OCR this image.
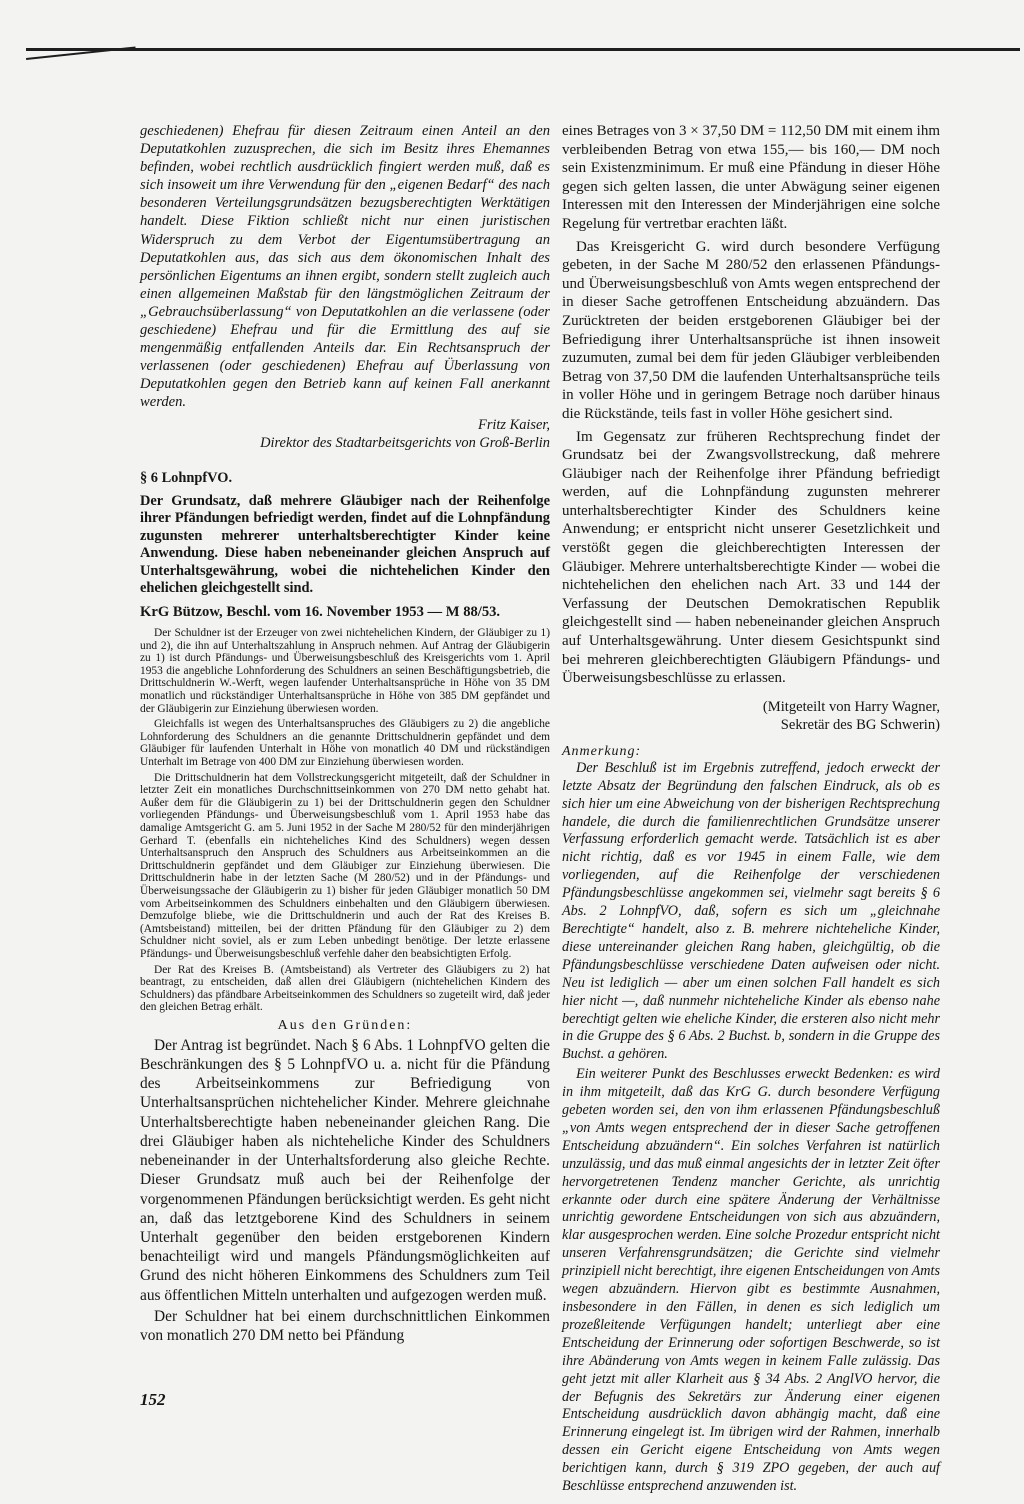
geschiedenen) Ehefrau für diesen Zeitraum einen Anteil an den Deputatkohlen zuzusprechen, die sich im Besitz ihres Ehemannes befinden, wobei rechtlich ausdrücklich fingiert werden muß, daß es sich insoweit um ihre Verwendung für den „eigenen Bedarf“ des nach besonderen Verteilungsgrundsätzen bezugsberechtigten Werktätigen handelt. Diese Fiktion schließt nicht nur einen juristischen Widerspruch zu dem Verbot der Eigentumsübertragung an Deputatkohlen aus, das sich aus dem ökonomischen Inhalt des persönlichen Eigentums an ihnen ergibt, sondern stellt zugleich auch einen allgemeinen Maßstab für den längstmöglichen Zeitraum der „Gebrauchsüberlassung“ von Deputatkohlen an die verlassene (oder geschiedene) Ehefrau und für die Ermittlung des auf sie mengenmäßig entfallenden Anteils dar. Ein Rechtsanspruch der verlassenen (oder geschiedenen) Ehefrau auf Überlassung von Deputatkohlen gegen den Betrieb kann auf keinen Fall anerkannt werden.

Fritz Kaiser,
Direktor des Stadtarbeitsgerichts von Groß-Berlin
§ 6 LohnpfVO.

Der Grundsatz, daß mehrere Gläubiger nach der Reihenfolge ihrer Pfändungen befriedigt werden, findet auf die Lohnpfändung zugunsten mehrerer unterhaltsberechtigter Kinder keine Anwendung. Diese haben nebeneinander gleichen Anspruch auf Unterhaltsgewährung, wobei die nichtehelichen Kinder den ehelichen gleichgestellt sind.

KrG Bützow, Beschl. vom 16. November 1953 — M 88/53.

Der Schuldner ist der Erzeuger von zwei nichtehelichen Kindern, der Gläubiger zu 1) und 2), die ihn auf Unterhaltszahlung in Anspruch nehmen. Auf Antrag der Gläubigerin zu 1) ist durch Pfändungs- und Überweisungsbeschluß des Kreisgerichts vom 1. April 1953 die angebliche Lohnforderung des Schuldners an seinen Beschäftigungsbetrieb, die Drittschuldnerin W.-Werft, wegen laufender Unterhaltsansprüche in Höhe von 35 DM monatlich und rückständiger Unterhaltsansprüche in Höhe von 385 DM gepfändet und der Gläubigerin zur Einziehung überwiesen worden.

Gleichfalls ist wegen des Unterhaltsanspruches des Gläubigers zu 2) die angebliche Lohnforderung des Schuldners an die genannte Drittschuldnerin gepfändet und dem Gläubiger für laufenden Unterhalt in Höhe von monatlich 40 DM und rückständigen Unterhalt im Betrage von 400 DM zur Einziehung überwiesen worden.

Die Drittschuldnerin hat dem Vollstreckungsgericht mitgeteilt, daß der Schuldner in letzter Zeit ein monatliches Durchschnittseinkommen von 270 DM netto gehabt hat. Außer dem für die Gläubigerin zu 1) bei der Drittschuldnerin gegen den Schuldner vorliegenden Pfändungs- und Überweisungsbeschluß vom 1. April 1953 habe das damalige Amtsgericht G. am 5. Juni 1952 in der Sache M 280/52 für den minderjährigen Gerhard T. (ebenfalls ein nichteheliches Kind des Schuldners) wegen dessen Unterhaltsanspruch den Anspruch des Schuldners aus Arbeitseinkommen an die Drittschuldnerin gepfändet und dem Gläubiger zur Einziehung überwiesen. Die Drittschuldnerin habe in der letzten Sache (M 280/52) und in der Pfändungs- und Überweisungssache der Gläubigerin zu 1) bisher für jeden Gläubiger monatlich 50 DM vom Arbeitseinkommen des Schuldners einbehalten und den Gläubigern überwiesen. Demzufolge bliebe, wie die Drittschuldnerin und auch der Rat des Kreises B. (Amtsbeistand) mitteilen, bei der dritten Pfändung für den Gläubiger zu 2) dem Schuldner nicht soviel, als er zum Leben unbedingt benötige. Der letzte erlassene Pfändungs- und Überweisungsbeschluß verfehle daher den beabsichtigten Erfolg.

Der Rat des Kreises B. (Amtsbeistand) als Vertreter des Gläubigers zu 2) hat beantragt, zu entscheiden, daß allen drei Gläubigern (nichtehelichen Kindern des Schuldners) das pfändbare Arbeitseinkommen des Schuldners so zugeteilt wird, daß jeder den gleichen Betrag erhält.

Aus den Gründen:

Der Antrag ist begründet. Nach § 6 Abs. 1 LohnpfVO gelten die Beschränkungen des § 5 LohnpfVO u. a. nicht für die Pfändung des Arbeitseinkommens zur Befriedigung von Unterhaltsansprüchen nichtehelicher Kinder. Mehrere gleichnahe Unterhaltsberechtigte haben nebeneinander gleichen Rang. Die drei Gläubiger haben als nichteheliche Kinder des Schuldners nebeneinander in der Unterhaltsforderung also gleiche Rechte. Dieser Grundsatz muß auch bei der Reihenfolge der vorgenommenen Pfändungen berücksichtigt werden. Es geht nicht an, daß das letztgeborene Kind des Schuldners in seinem Unterhalt gegenüber den beiden erstgeborenen Kindern benachteiligt wird und mangels Pfändungsmöglichkeiten auf Grund des nicht höheren Einkommens des Schuldners zum Teil aus öffentlichen Mitteln unterhalten und aufgezogen werden muß.

Der Schuldner hat bei einem durchschnittlichen Einkommen von monatlich 270 DM netto bei Pfändung

eines Betrages von 3 × 37,50 DM = 112,50 DM mit einem ihm verbleibenden Betrag von etwa 155,— bis 160,— DM noch sein Existenzminimum. Er muß eine Pfändung in dieser Höhe gegen sich gelten lassen, die unter Abwägung seiner eigenen Interessen mit den Interessen der Minderjährigen eine solche Regelung für vertretbar erachten läßt.

Das Kreisgericht G. wird durch besondere Verfügung gebeten, in der Sache M 280/52 den erlassenen Pfändungs- und Überweisungsbeschluß von Amts wegen entsprechend der in dieser Sache getroffenen Entscheidung abzuändern. Das Zurücktreten der beiden erstgeborenen Gläubiger bei der Befriedigung ihrer Unterhaltsansprüche ist ihnen insoweit zuzumuten, zumal bei dem für jeden Gläubiger verbleibenden Betrag von 37,50 DM die laufenden Unterhaltsansprüche teils in voller Höhe und in geringem Betrage noch darüber hinaus die Rückstände, teils fast in voller Höhe gesichert sind.

Im Gegensatz zur früheren Rechtsprechung findet der Grundsatz bei der Zwangsvollstreckung, daß mehrere Gläubiger nach der Reihenfolge ihrer Pfändung befriedigt werden, auf die Lohnpfändung zugunsten mehrerer unterhaltsberechtigter Kinder des Schuldners keine Anwendung; er entspricht nicht unserer Gesetzlichkeit und verstößt gegen die gleichberechtigten Interessen der Gläubiger. Mehrere unterhaltsberechtigte Kinder — wobei die nichtehelichen den ehelichen nach Art. 33 und 144 der Verfassung der Deutschen Demokratischen Republik gleichgestellt sind — haben nebeneinander gleichen Anspruch auf Unterhaltsgewährung. Unter diesem Gesichtspunkt sind bei mehreren gleichberechtigten Gläubigern Pfändungs- und Überweisungsbeschlüsse zu erlassen.

(Mitgeteilt von Harry Wagner,
Sekretär des BG Schwerin)
Anmerkung:

Der Beschluß ist im Ergebnis zutreffend, jedoch erweckt der letzte Absatz der Begründung den falschen Eindruck, als ob es sich hier um eine Abweichung von der bisherigen Rechtsprechung handele, die durch die familienrechtlichen Grundsätze unserer Verfassung erforderlich gemacht werde. Tatsächlich ist es aber nicht richtig, daß es vor 1945 in einem Falle, wie dem vorliegenden, auf die Reihenfolge der verschiedenen Pfändungsbeschlüsse angekommen sei, vielmehr sagt bereits § 6 Abs. 2 LohnpfVO, daß, sofern es sich um „gleichnahe Berechtigte“ handelt, also z. B. mehrere nichteheliche Kinder, diese untereinander gleichen Rang haben, gleichgültig, ob die Pfändungsbeschlüsse verschiedene Daten aufweisen oder nicht. Neu ist lediglich — aber um einen solchen Fall handelt es sich hier nicht —, daß nunmehr nichteheliche Kinder als ebenso nahe berechtigt gelten wie eheliche Kinder, die ersteren also nicht mehr in die Gruppe des § 6 Abs. 2 Buchst. b, sondern in die Gruppe des Buchst. a gehören.

Ein weiterer Punkt des Beschlusses erweckt Bedenken: es wird in ihm mitgeteilt, daß das KrG G. durch besondere Verfügung gebeten worden sei, den von ihm erlassenen Pfändungsbeschluß „von Amts wegen entsprechend der in dieser Sache getroffenen Entscheidung abzuändern“. Ein solches Verfahren ist natürlich unzulässig, und das muß einmal angesichts der in letzter Zeit öfter hervorgetretenen Tendenz mancher Gerichte, als unrichtig erkannte oder durch eine spätere Änderung der Verhältnisse unrichtig gewordene Entscheidungen von sich aus abzuändern, klar ausgesprochen werden. Eine solche Prozedur entspricht nicht unseren Verfahrensgrundsätzen; die Gerichte sind vielmehr prinzipiell nicht berechtigt, ihre eigenen Entscheidungen von Amts wegen abzuändern. Hiervon gibt es bestimmte Ausnahmen, insbesondere in den Fällen, in denen es sich lediglich um prozeßleitende Verfügungen handelt; unterliegt aber eine Entscheidung der Erinnerung oder sofortigen Beschwerde, so ist ihre Abänderung von Amts wegen in keinem Falle zulässig. Das geht jetzt mit aller Klarheit aus § 34 Abs. 2 AnglVO hervor, die der Befugnis des Sekretärs zur Änderung einer eigenen Entscheidung ausdrücklich davon abhängig macht, daß eine Erinnerung eingelegt ist. Im übrigen wird der Rahmen, innerhalb dessen ein Gericht eigene Entscheidung von Amts wegen berichtigen kann, durch § 319 ZPO gegeben, der auch auf Beschlüsse entsprechend anzuwenden ist.

152
